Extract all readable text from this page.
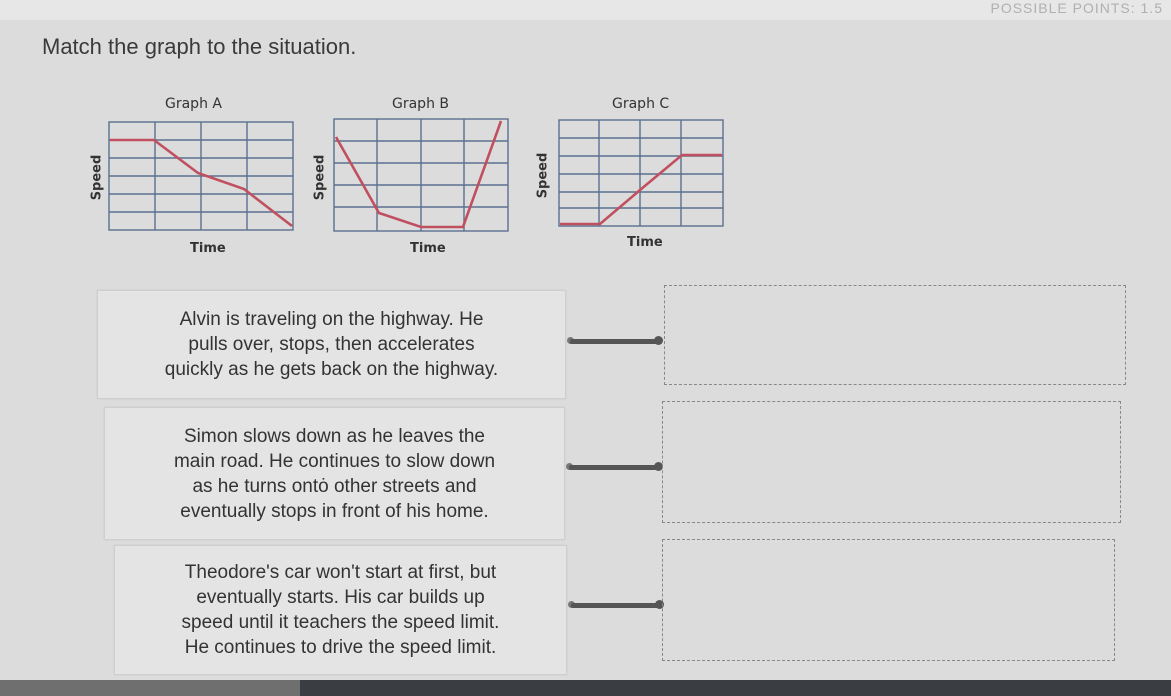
POSSIBLE POINTS: 1.5
Match the graph to the situation.
Graph A
Speed
Time
Graph B
Speed
Time
Graph C
Speed
Time
Alvin is traveling on the highway. He
pulls over, stops, then accelerates
quickly as he gets back on the highway.
Simon slows down as he leaves the
main road. He continues to slow down
as he turns ontȯ other streets and
eventually stops in front of his home.
Theodore's car won't start at first, but
eventually starts. His car builds up
speed until it teachers the speed limit.
He continues to drive the speed limit.
